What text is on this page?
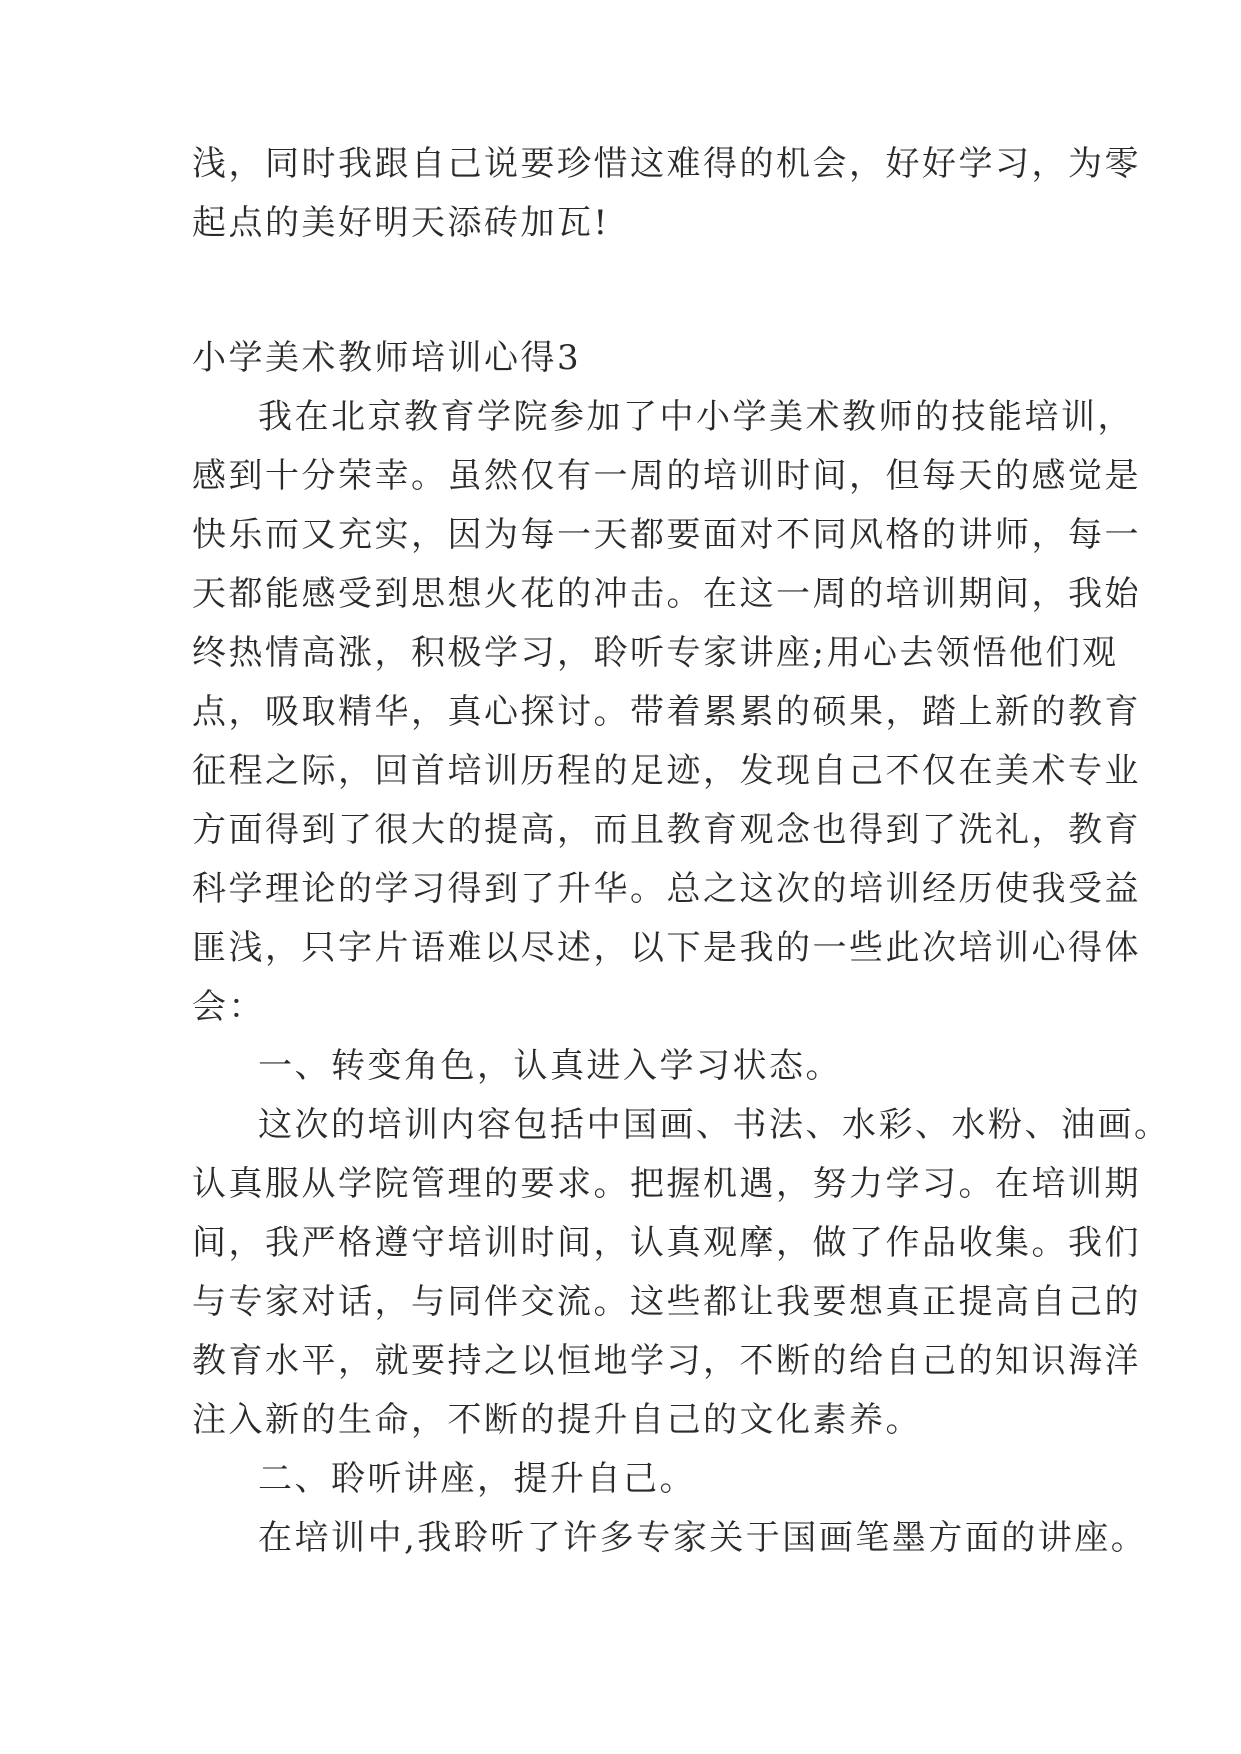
浅，同时我跟自己说要珍惜这难得的机会，好好学习，为零
起点的美好明天添砖加瓦!
小学美术教师培训心得3
我在北京教育学院参加了中小学美术教师的技能培训，
感到十分荣幸。虽然仅有一周的培训时间，但每天的感觉是
快乐而又充实，因为每一天都要面对不同风格的讲师，每一
天都能感受到思想火花的冲击。在这一周的培训期间，我始
终热情高涨，积极学习，聆听专家讲座;用心去领悟他们观
点，吸取精华，真心探讨。带着累累的硕果，踏上新的教育
征程之际，回首培训历程的足迹，发现自己不仅在美术专业
方面得到了很大的提高，而且教育观念也得到了洗礼，教育
科学理论的学习得到了升华。总之这次的培训经历使我受益
匪浅，只字片语难以尽述，以下是我的一些此次培训心得体
会：
一、转变角色，认真进入学习状态。
这次的培训内容包括中国画、书法、水彩、水粉、油画。
认真服从学院管理的要求。把握机遇，努力学习。在培训期
间，我严格遵守培训时间，认真观摩，做了作品收集。我们
与专家对话，与同伴交流。这些都让我要想真正提高自己的
教育水平，就要持之以恒地学习，不断的给自己的知识海洋
注入新的生命，不断的提升自己的文化素养。
二、聆听讲座，提升自己。
在培训中,我聆听了许多专家关于国画笔墨方面的讲座。
